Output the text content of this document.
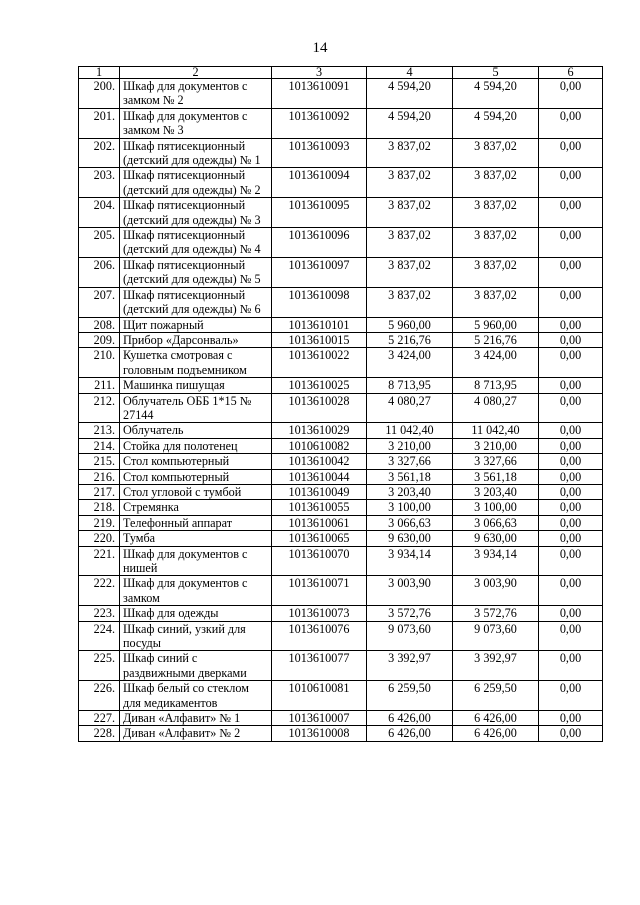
14
1	2	3	4	5	6
200.	Шкаф для документов с замком № 2	1013610091	4 594,20	4 594,20	0,00
201.	Шкаф для документов с замком № 3	1013610092	4 594,20	4 594,20	0,00
202.	Шкаф пятисекционный (детский для одежды) № 1	1013610093	3 837,02	3 837,02	0,00
203.	Шкаф пятисекционный (детский для одежды) № 2	1013610094	3 837,02	3 837,02	0,00
204.	Шкаф пятисекционный (детский для одежды) № 3	1013610095	3 837,02	3 837,02	0,00
205.	Шкаф пятисекционный (детский для одежды) № 4	1013610096	3 837,02	3 837,02	0,00
206.	Шкаф пятисекционный (детский для одежды) № 5	1013610097	3 837,02	3 837,02	0,00
207.	Шкаф пятисекционный (детский для одежды) № 6	1013610098	3 837,02	3 837,02	0,00
208.	Щит пожарный	1013610101	5 960,00	5 960,00	0,00
209.	Прибор «Дарсонваль»	1013610015	5 216,76	5 216,76	0,00
210.	Кушетка смотровая с головным подъемником	1013610022	3 424,00	3 424,00	0,00
211.	Машинка пишущая	1013610025	8 713,95	8 713,95	0,00
212.	Облучатель ОББ 1*15 № 27144	1013610028	4 080,27	4 080,27	0,00
213.	Облучатель	1013610029	11 042,40	11 042,40	0,00
214.	Стойка для полотенец	1010610082	3 210,00	3 210,00	0,00
215.	Стол компьютерный	1013610042	3 327,66	3 327,66	0,00
216.	Стол компьютерный	1013610044	3 561,18	3 561,18	0,00
217.	Стол угловой с тумбой	1013610049	3 203,40	3 203,40	0,00
218.	Стремянка	1013610055	3 100,00	3 100,00	0,00
219.	Телефонный аппарат	1013610061	3 066,63	3 066,63	0,00
220.	Тумба	1013610065	9 630,00	9 630,00	0,00
221.	Шкаф для документов с нишей	1013610070	3 934,14	3 934,14	0,00
222.	Шкаф для документов с замком	1013610071	3 003,90	3 003,90	0,00
223.	Шкаф для одежды	1013610073	3 572,76	3 572,76	0,00
224.	Шкаф синий, узкий для посуды	1013610076	9 073,60	9 073,60	0,00
225.	Шкаф синий с раздвижными дверками	1013610077	3 392,97	3 392,97	0,00
226.	Шкаф белый со стеклом для медикаментов	1010610081	6 259,50	6 259,50	0,00
227.	Диван «Алфавит» № 1	1013610007	6 426,00	6 426,00	0,00
228.	Диван «Алфавит» № 2	1013610008	6 426,00	6 426,00	0,00
